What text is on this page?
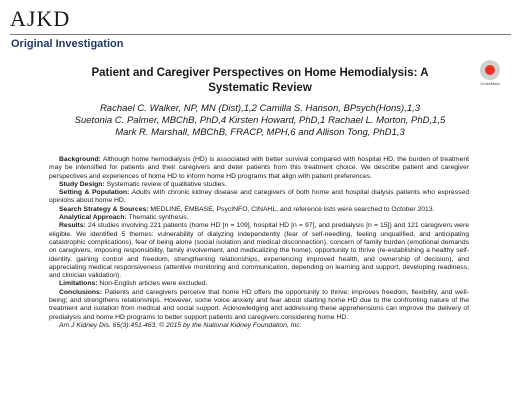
AJKD
Original Investigation
CrossMark
Patient and Caregiver Perspectives on Home Hemodialysis: A
Systematic Review
Rachael C. Walker, NP, MN (Dist),1,2 Camilla S. Hanson, BPsych(Hons),1,3
Suetonia C. Palmer, MBChB, PhD,4 Kirsten Howard, PhD,1 Rachael L. Morton, PhD,1,5
Mark R. Marshall, MBChB, FRACP, MPH,6 and Allison Tong, PhD1,3

Background: Although home hemodialysis (HD) is associated with better survival compared with hospital HD, the burden of treatment may be intensified for patients and their caregivers and deter patients from this treatment choice. We describe patient and caregiver perspectives and experiences of home HD to inform home HD programs that align with patient preferences.

Study Design: Systematic review of qualitative studies.

Setting & Population: Adults with chronic kidney disease and caregivers of both home and hospital dialysis patients who expressed opinions about home HD.

Search Strategy & Sources: MEDLINE, EMBASE, PsycINFO, CINAHL, and reference lists were searched to October 2013.

Analytical Approach: Thematic synthesis.

Results: 24 studies involving 221 patients (home HD [n = 109], hospital HD [n = 97], and predialysis [n = 15]) and 121 caregivers were eligible. We identified 5 themes: vulnerability of dialyzing independently (fear of self-needling, feeling unqualified, and anticipating catastrophic complications), fear of being alone (social isolation and medical disconnection), concern of family burden (emotional demands on caregivers, imposing responsibility, family involvement, and medicalizing the home), opportunity to thrive (re-establishing a healthy self-identity, gaining control and freedom, strengthening relationships, experiencing improved health, and ownership of decision), and appreciating medical responsiveness (attentive monitoring and communication, depending on learning and support, developing readiness, and clinician validation).

Limitations: Non-English articles were excluded.

Conclusions: Patients and caregivers perceive that home HD offers the opportunity to thrive; improves freedom, flexibility, and well-being; and strengthens relationships. However, some voice anxiety and fear about starting home HD due to the confronting nature of the treatment and isolation from medical and social support. Acknowledging and addressing these apprehensions can improve the delivery of predialysis and home HD programs to better support patients and caregivers considering home HD.

Am J Kidney Dis. 65(3):451-463. © 2015 by the National Kidney Foundation, Inc.
